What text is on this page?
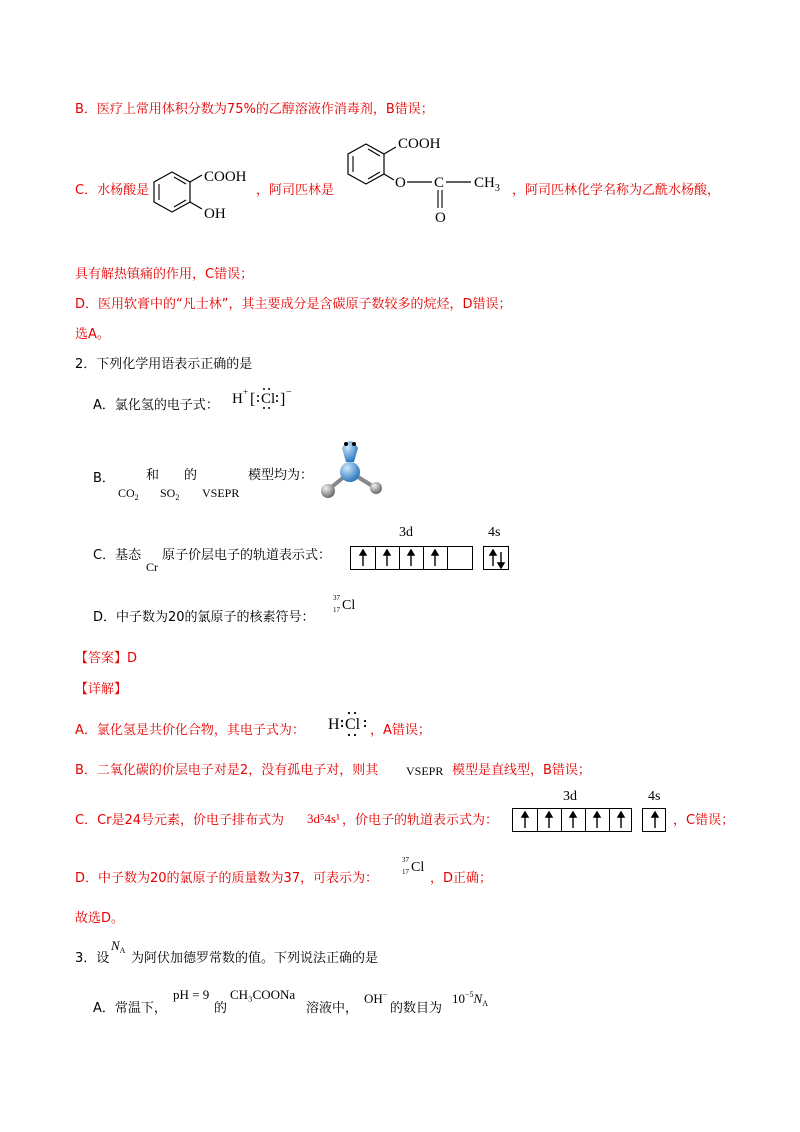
B．医疗上常用体积分数为75%的乙醇溶液作消毒剂，B错误；
C．水杨酸是
COOH
OH
，阿司匹林是
COOH
O C $CH_3$
O
，阿司匹林化学名称为乙酰水杨酸，
具有解热镇痛的作用，C错误；
D．医用软膏中的“凡士林”，其主要成分是含碳原子数较多的烷烃，D错误；
选A。
2．下列化学用语表示正确的是
A．氯化氢的电子式： H + [ Cl ] −
B．
$CO_2$
和
$SO_2$
的
VSEPR
模型均为：
C．基态
Cr
原子价层电子的轨道表示式：
3d	4s
D．中子数为20的氯原子的核素符号：
37
17 Cl
【答案】D
【详解】
A．氯化氢是共价化合物，其电子式为： H Cl ，A错误；
B．二氧化碳的价层电子对是2，没有孤电子对，则其 VSEPR 模型是直线型，B错误；
C．Cr是24号元素，价电子排布式为 3d⁵4s¹ ，价电子的轨道表示式为：
3d	4s
，C错误；
D．中子数为20的氯原子的质量数为37，可表示为：
37
17 Cl
，D正确；
故选D。
3．设
$N_A$
为阿伏加德罗常数的值。下列说法正确的是
A．常温下，
pH = 9
的
CH₃COONa
溶液中，
OH−
的数目为
$10^{-5}N_A$
